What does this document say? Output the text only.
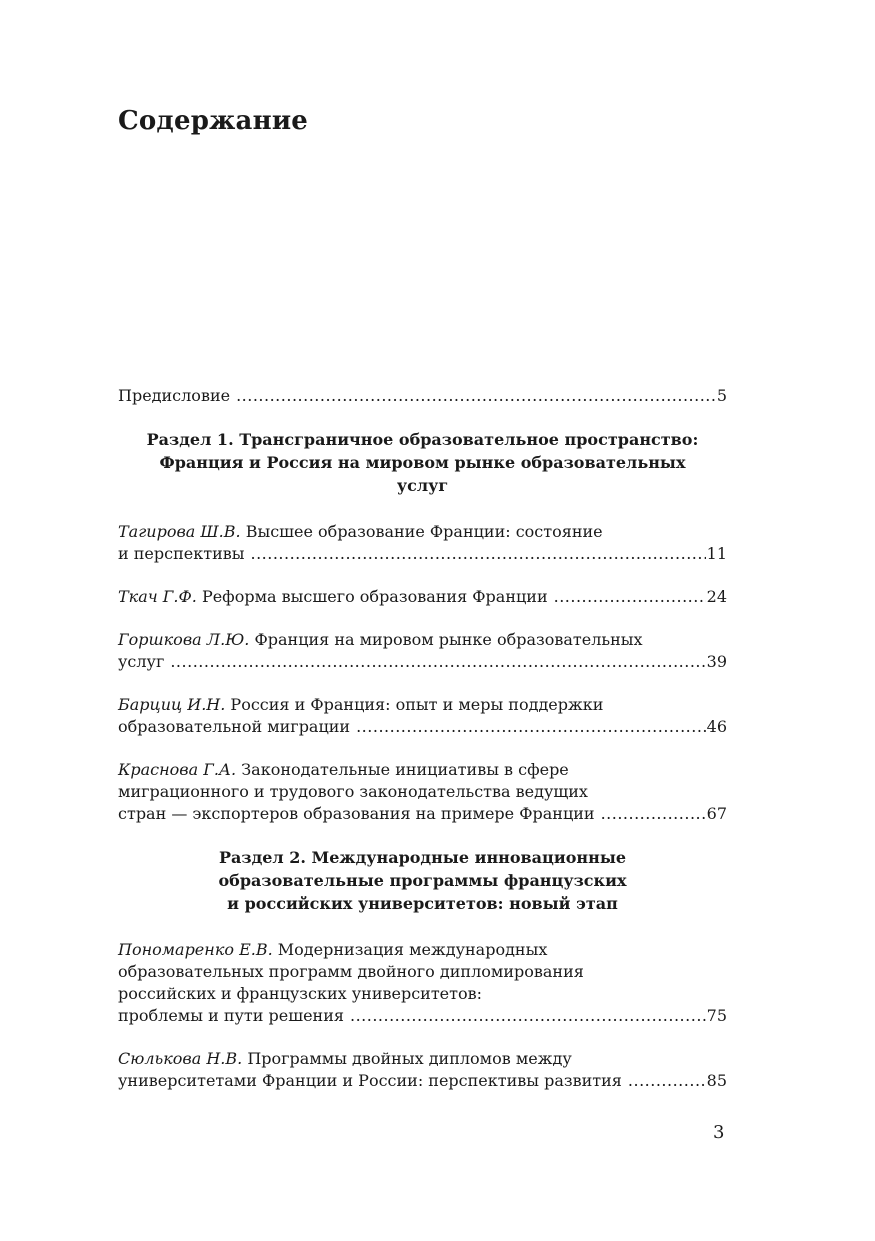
Содержание
Предисловие .....	5
Раздел 1. Трансграничное образовательное пространство:
Франция и Россия на мировом рынке образовательных
услуг
Тагирова Ш.В. Высшее образование Франции: состояние
и перспективы .....	11
Ткач Г.Ф. Реформа высшего образования Франции .....	24
Горшкова Л.Ю. Франция на мировом рынке образовательных
услуг .....	39
Барциц И.Н. Россия и Франция: опыт и меры поддержки
образовательной миграции .....	46
Краснова Г.А. Законодательные инициативы в сфере
миграционного и трудового законодательства ведущих
стран — экспортеров образования на примере Франции .....	67
Раздел 2. Международные инновационные
образовательные программы французских
и российских университетов: новый этап
Пономаренко Е.В. Модернизация международных
образовательных программ двойного дипломирования
российских и французских университетов:
проблемы и пути решения .....	75
Сюлькова Н.В. Программы двойных дипломов между
университетами Франции и России: перспективы развития .....	85
3
